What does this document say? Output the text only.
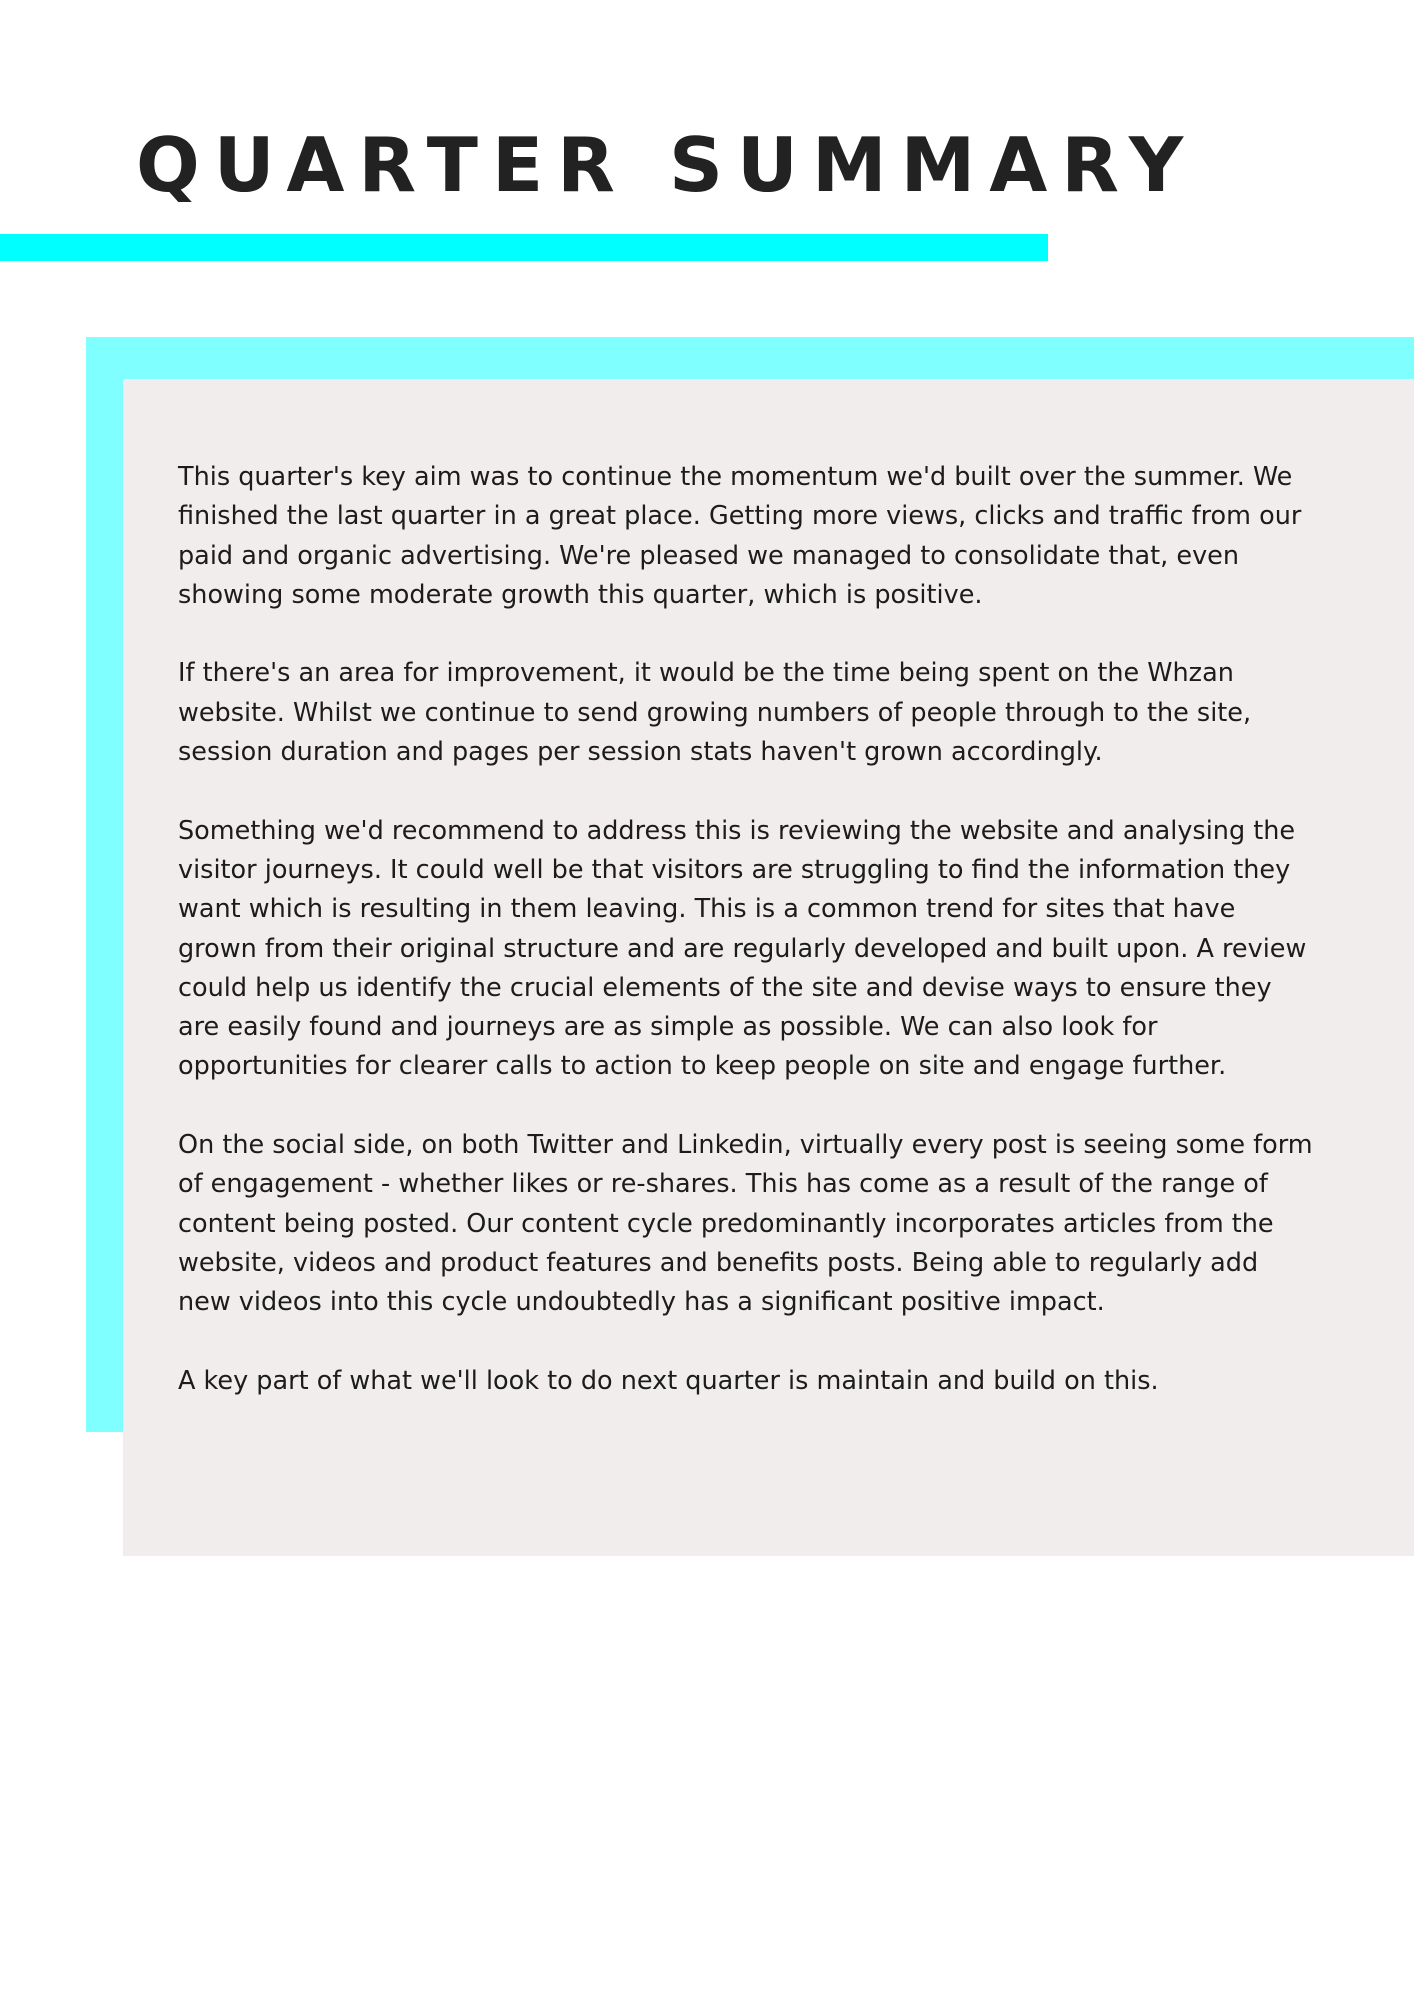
QUARTER SUMMARY

This quarter's key aim was to continue the momentum we'd built over the summer. We finished the last quarter in a great place. Getting more views, clicks and traffic from our paid and organic advertising. We're pleased we managed to consolidate that, even showing some moderate growth this quarter, which is positive.

If there's an area for improvement, it would be the time being spent on the Whzan website. Whilst we continue to send growing numbers of people through to the site, session duration and pages per session stats haven't grown accordingly.

Something we'd recommend to address this is reviewing the website and analysing the visitor journeys. It could well be that visitors are struggling to find the information they want which is resulting in them leaving. This is a common trend for sites that have grown from their original structure and are regularly developed and built upon. A review could help us identify the crucial elements of the site and devise ways to ensure they are easily found and journeys are as simple as possible. We can also look for opportunities for clearer calls to action to keep people on site and engage further.

On the social side, on both Twitter and Linkedin, virtually every post is seeing some form of engagement - whether likes or re-shares. This has come as a result of the range of content being posted. Our content cycle predominantly incorporates articles from the website, videos and product features and benefits posts. Being able to regularly add new videos into this cycle undoubtedly has a significant positive impact.

A key part of what we'll look to do next quarter is maintain and build on this.
